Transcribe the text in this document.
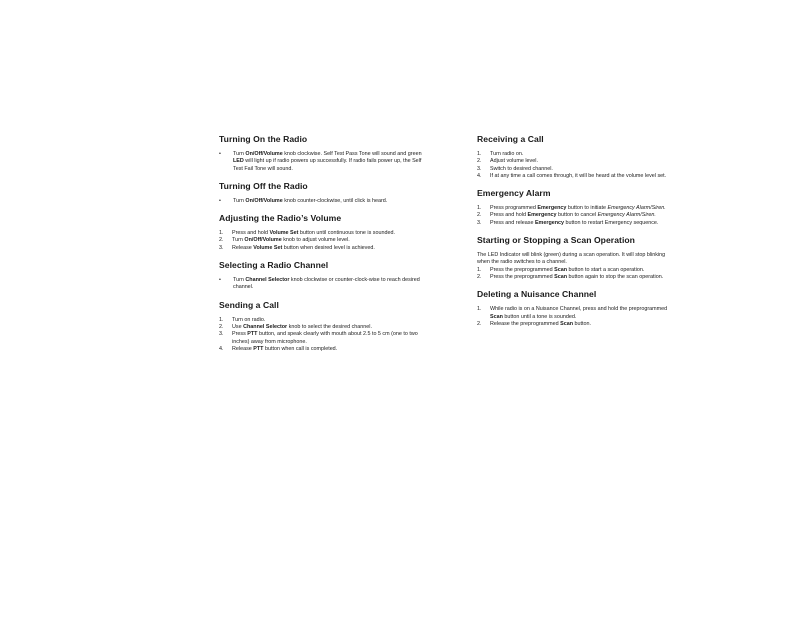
Turning On the Radio
• Turn On/Off/Volume knob clockwise. Self Test Pass Tone will sound and green LED will light up if radio powers up successfully. If radio fails power up, the Self Test Fail Tone will sound.
Turning Off the Radio
• Turn On/Off/Volume knob counter-clockwise, until click is heard.
Adjusting the Radio’s Volume
1. Press and hold Volume Set button until continuous tone is sounded.
2. Turn On/Off/Volume knob to adjust volume level.
3. Release Volume Set button when desired level is achieved.
Selecting a Radio Channel
• Turn Channel Selector knob clockwise or counter-clock-wise to reach desired channel.
Sending a Call
1. Turn on radio.
2. Use Channel Selector knob to select the desired channel.
3. Press PTT button, and speak clearly with mouth about 2.5 to 5 cm (one to two inches) away from microphone.
4. Release PTT button when call is completed.
Receiving a Call
1. Turn radio on.
2. Adjust volume level.
3. Switch to desired channel.
4. If at any time a call comes through, it will be heard at the volume level set.
Emergency Alarm
1. Press programmed Emergency button to initiate Emergency Alarm/Siren.
2. Press and hold Emergency button to cancel Emergency Alarm/Siren.
3. Press and release Emergency button to restart Emergency sequence.
Starting or Stopping a Scan Operation

The LED Indicator will blink (green) during a scan operation. It will stop blinking when the radio switches to a channel.

1. Press the preprogrammed Scan button to start a scan operation.
2. Press the preprogrammed Scan button again to stop the scan operation.
Deleting a Nuisance Channel
1. While radio is on a Nuisance Channel, press and hold the preprogrammed Scan button until a tone is sounded.
2. Release the preprogrammed Scan button.
